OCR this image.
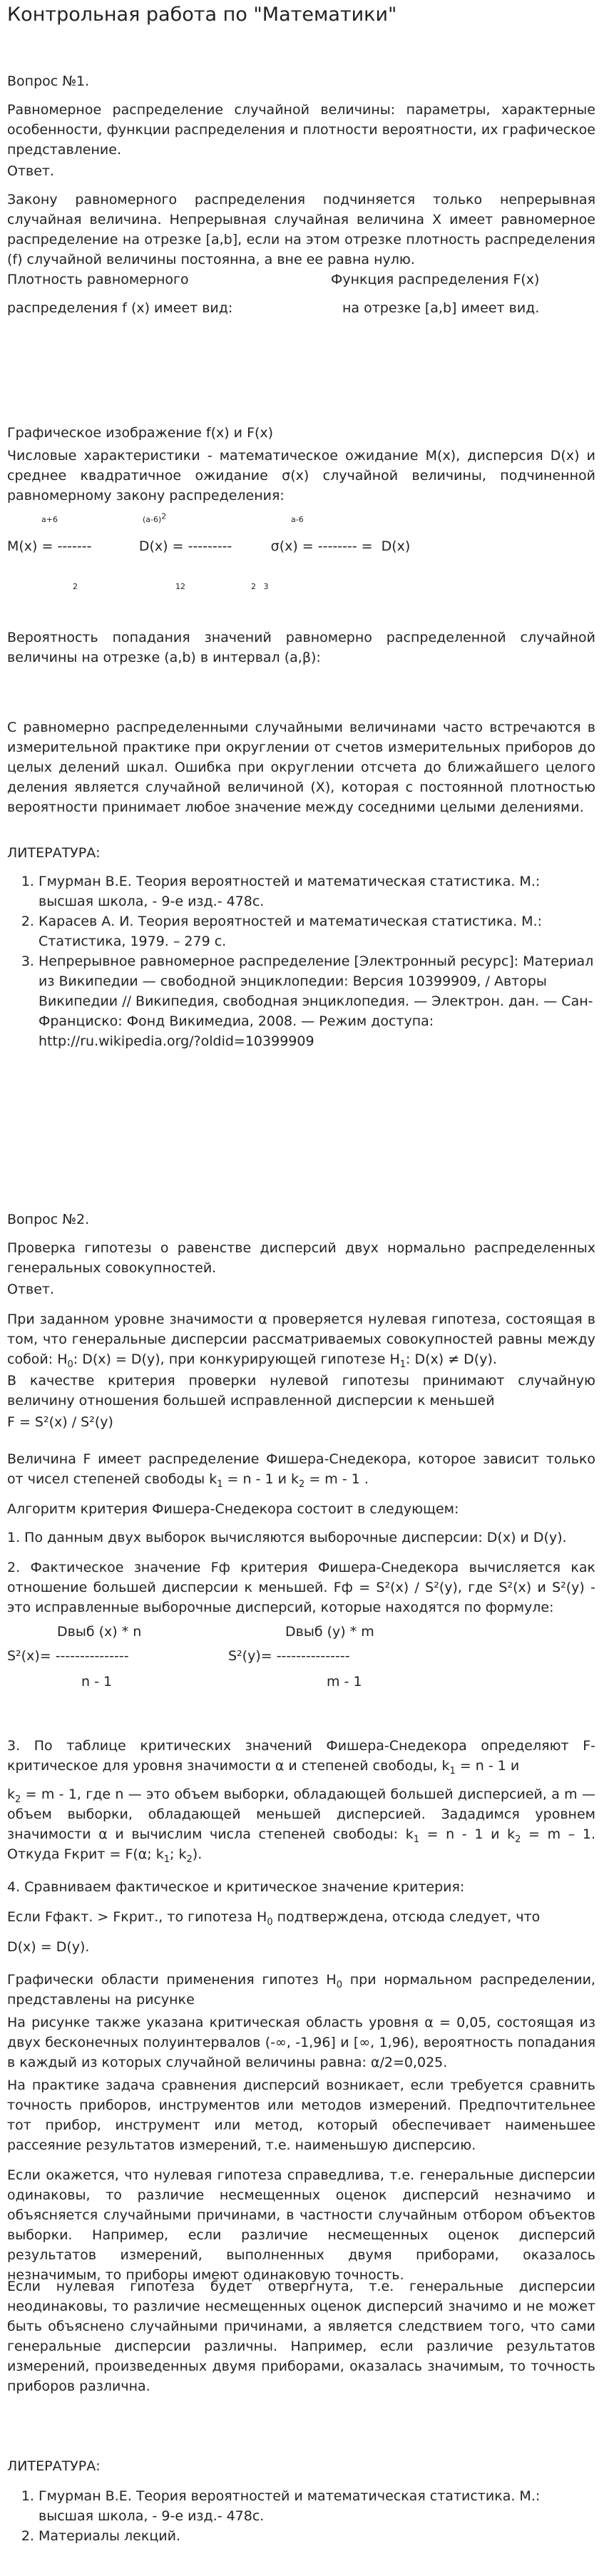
Контрольная работа по "Математики"

Вопрос №1.

Равномерное распределение случайной величины: параметры, характерные особенности, функции распределения и плотности вероятности, их графическое представление.

Ответ.

Закону равномерного распределения подчиняется только непрерывная случайная величина. Непрерывная случайная величина X имеет равномерное распределение на отрезке [a,b], если на этом отрезке плотность распределения (f) случайной величины постоянна, а вне ее равна нулю.

Плотность равномерного	Функция распределения F(x)
распределения f (x) имеет вид:	на отрезке [a,b] имеет вид.

Графическое изображение f(x) и F(x)

Числовые характеристики - математическое ожидание M(x), дисперсия D(x) и среднее квадратичное ожидание σ(x) случайной величины, подчиненной равномерному закону распределения:

a+6	$(a-6)^2$	a-6
M(x) = -------           D(x) = ---------         σ(x) = -------- =  D(x)
2	12	2   3

Вероятность попадания значений равномерно распределенной случайной величины на отрезке (a,b) в интервал (a,β):

С равномерно распределенными случайными величинами часто встречаются в измерительной практике при округлении от счетов измерительных приборов до целых делений шкал. Ошибка при округлении отсчета до ближайшего целого деления является случайной величиной (X), которая с постоянной плотностью вероятности принимает любое значение между соседними целыми делениями.

ЛИТЕРАТУРА:

1. Гмурман В.Е. Теория вероятностей и математическая статистика. М.: высшая школа, - 9-е изд.- 478с.
2. Карасев А. И. Теория вероятностей и математическая статистика. М.: Статистика, 1979. – 279 с.
3. Непрерывное равномерное распределение [Электронный ресурс]: Материал из Википедии — свободной энциклопедии: Версия 10399909, / Авторы Википедии // Википедия, свободная энциклопедия. — Электрон. дан. — Сан-Франциско: Фонд Викимедиа, 2008. — Режим доступа: http://ru.wikipedia.org/?oldid=10399909

Вопрос №2.

Проверка гипотезы о равенстве дисперсий двух нормально распределенных генеральных совокупностей.

Ответ.

При заданном уровне значимости α проверяется нулевая гипотеза, состоящая в том, что генеральные дисперсии рассматриваемых совокупностей равны между собой: $H_0$: D(x) = D(y), при конкурирующей гипотезе $H_1$: D(x) ≠ D(y).

В качестве критерия проверки нулевой гипотезы принимают случайную величину отношения большей исправленной дисперсии к меньшей

F = S²(x) / S²(y)

Величина F имеет распределение Фишера-Снедекора, которое зависит только от чисел степеней свободы $k_1 = n - 1$ и $k_2 = m - 1$ .

Алгоритм критерия Фишера-Снедекора состоит в следующем:

1. По данным двух выборок вычисляются выборочные дисперсии: D(x) и D(y).

2. Фактическое значение Fф критерия Фишера-Снедекора вычисляется как отношение большей дисперсии к меньшей. Fф = S²(x) / S²(y), где S²(x) и S²(y) - это исправленные выборочные дисперсий, которые находятся по формуле:

Dвыб (x) * n	Dвыб (y) * m
S²(x)= ---------------	S²(y)= ---------------
n - 1	m - 1

3. По таблице критических значений Фишера-Снедекора определяют F-критическое для уровня значимости α и степеней свободы, $k_1 = n - 1$ и

$k_2 = m - 1$, где n — это объем выборки, обладающей большей дисперсией, а m — объем выборки, обладающей меньшей дисперсией. Зададимся уровнем значимости α и вычислим числа степеней свободы: $k_1 = n - 1$ и $k_2 = m - 1$. Откуда Fкрит = F(α; $k_1$; $k_2$).

4. Сравниваем фактическое и критическое значение критерия:

Если Fфакт. > Fкрит., то гипотеза $H_0$ подтверждена, отсюда следует, что

D(x) = D(y).

Графически области применения гипотез $H_0$ при нормальном распределении, представлены на рисунке

На рисунке также указана критическая область уровня α = 0,05, состоящая из двух бесконечных полуинтервалов (-∞, -1,96] и [∞, 1,96), вероятность попадания в каждый из которых случайной величины равна: α/2=0,025.

На практике задача сравнения дисперсий возникает, если требуется сравнить точность приборов, инструментов или методов измерений. Предпочтительнее тот прибор, инструмент или метод, который обеспечивает наименьшее рассеяние результатов измерений, т.е. наименьшую дисперсию.

Если окажется, что нулевая гипотеза справедлива, т.е. генеральные дисперсии одинаковы, то различие несмещенных оценок дисперсий незначимо и объясняется случайными причинами, в частности случайным отбором объектов выборки. Например, если различие несмещенных оценок дисперсий результатов измерений, выполненных двумя приборами, оказалось незначимым, то приборы имеют одинаковую точность.

Если нулевая гипотеза будет отвергнута, т.е. генеральные дисперсии неодинаковы, то различие несмещенных оценок дисперсий значимо и не может быть объяснено случайными причинами, а является следствием того, что сами генеральные дисперсии различны. Например, если различие результатов измерений, произведенных двумя приборами, оказалась значимым, то точность приборов различна.

ЛИТЕРАТУРА:

1. Гмурман В.Е. Теория вероятностей и математическая статистика. М.: высшая школа, - 9-е изд.- 478с.
2. Материалы лекций.
